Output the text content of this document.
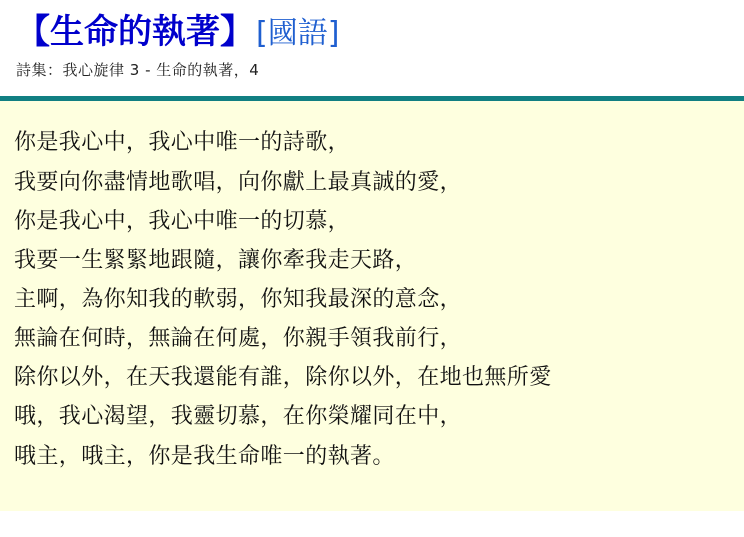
【生命的執著】[國語]
詩集：我心旋律 3 - 生命的執著，4
你是我心中，我心中唯一的詩歌，
我要向你盡情地歌唱，向你獻上最真誠的愛，
你是我心中，我心中唯一的切慕，
我要一生緊緊地跟隨，讓你牽我走天路，
主啊，為你知我的軟弱，你知我最深的意念，
無論在何時，無論在何處，你親手領我前行，
除你以外，在天我還能有誰，除你以外，在地也無所愛
哦，我心渴望，我靈切慕，在你榮耀同在中，
哦主，哦主，你是我生命唯一的執著。
